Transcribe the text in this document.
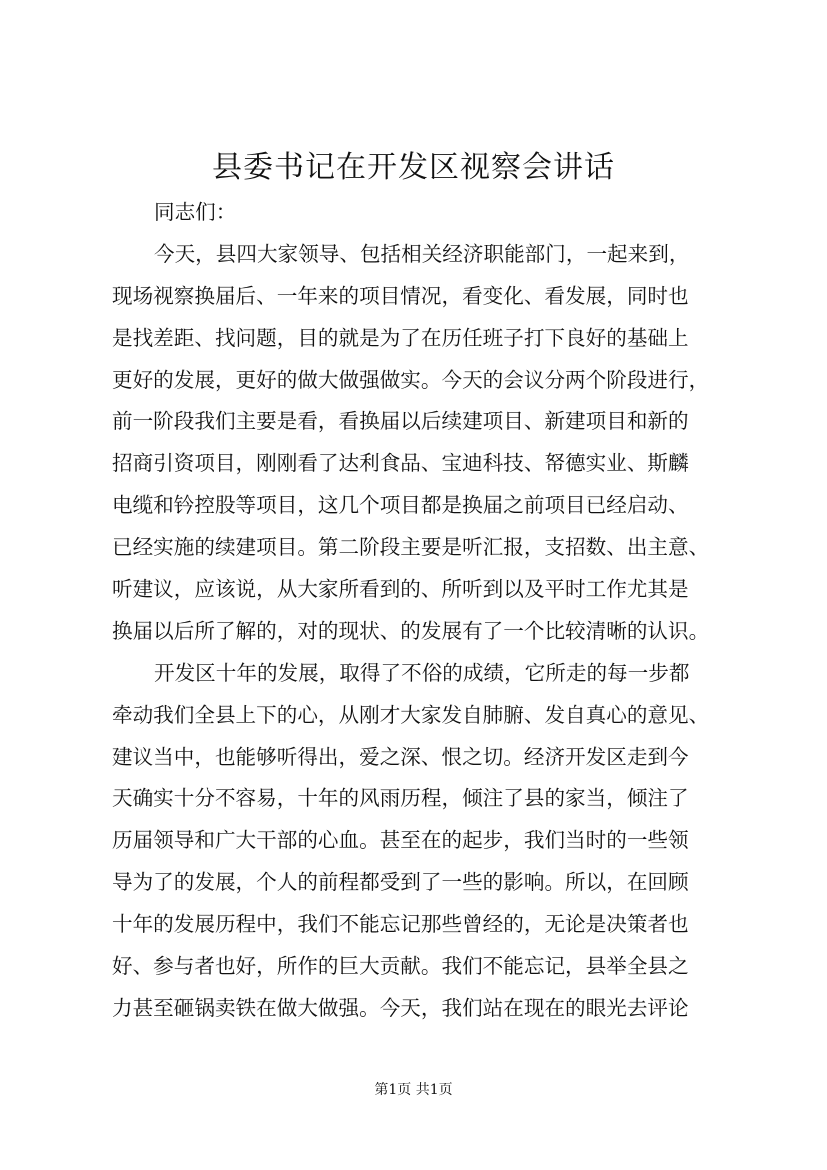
县委书记在开发区视察会讲话
同志们：
今天，县四大家领导、包括相关经济职能部门，一起来到，
现场视察换届后、一年来的项目情况，看变化、看发展，同时也
是找差距、找问题，目的就是为了在历任班子打下良好的基础上
更好的发展，更好的做大做强做实。今天的会议分两个阶段进行，
前一阶段我们主要是看，看换届以后续建项目、新建项目和新的
招商引资项目，刚刚看了达利食品、宝迪科技、帑德实业、斯麟
电缆和钤控股等项目，这几个项目都是换届之前项目已经启动、
已经实施的续建项目。第二阶段主要是听汇报，支招数、出主意、
听建议，应该说，从大家所看到的、所听到以及平时工作尤其是
换届以后所了解的，对的现状、的发展有了一个比较清晰的认识。
开发区十年的发展，取得了不俗的成绩，它所走的每一步都
牵动我们全县上下的心，从刚才大家发自肺腑、发自真心的意见、
建议当中，也能够听得出，爱之深、恨之切。经济开发区走到今
天确实十分不容易，十年的风雨历程，倾注了县的家当，倾注了
历届领导和广大干部的心血。甚至在的起步，我们当时的一些领
导为了的发展，个人的前程都受到了一些的影响。所以，在回顾
十年的发展历程中，我们不能忘记那些曾经的，无论是决策者也
好、参与者也好，所作的巨大贡献。我们不能忘记，县举全县之
力甚至砸锅卖铁在做大做强。今天，我们站在现在的眼光去评论
第1页 共1页
